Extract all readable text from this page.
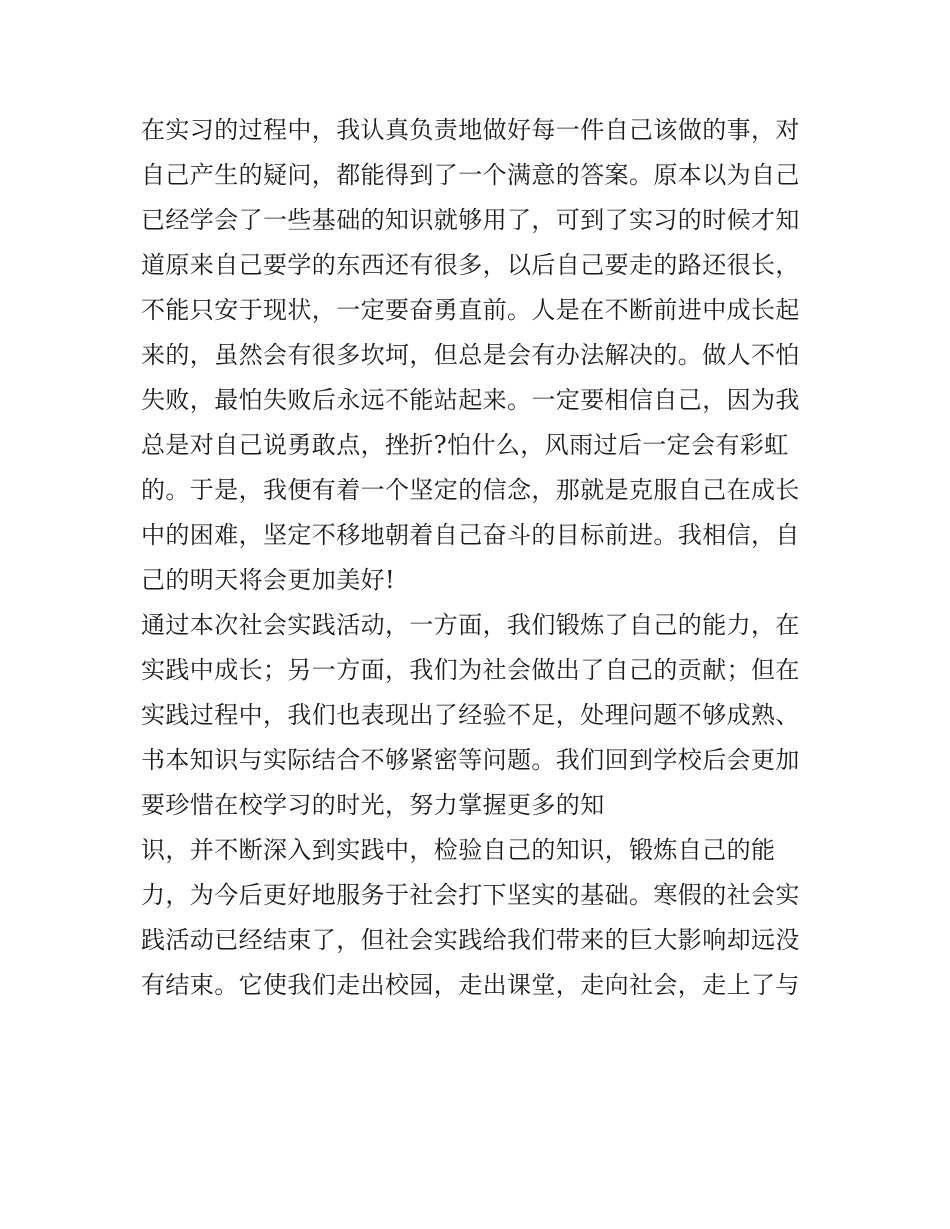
在实习的过程中，我认真负责地做好每一件自己该做的事，对
自己产生的疑问，都能得到了一个满意的答案。原本以为自己
已经学会了一些基础的知识就够用了，可到了实习的时候才知
道原来自己要学的东西还有很多，以后自己要走的路还很长，
不能只安于现状，一定要奋勇直前。人是在不断前进中成长起
来的，虽然会有很多坎坷，但总是会有办法解决的。做人不怕
失败，最怕失败后永远不能站起来。一定要相信自己，因为我
总是对自己说勇敢点，挫折?怕什么，风雨过后一定会有彩虹
的。于是，我便有着一个坚定的信念，那就是克服自己在成长
中的困难，坚定不移地朝着自己奋斗的目标前进。我相信，自
己的明天将会更加美好!
通过本次社会实践活动，一方面，我们锻炼了自己的能力，在
实践中成长；另一方面，我们为社会做出了自己的贡献；但在
实践过程中，我们也表现出了经验不足，处理问题不够成熟、
书本知识与实际结合不够紧密等问题。我们回到学校后会更加
要珍惜在校学习的时光，努力掌握更多的知
识，并不断深入到实践中，检验自己的知识，锻炼自己的能
力，为今后更好地服务于社会打下坚实的基础。寒假的社会实
践活动已经结束了，但社会实践给我们带来的巨大影响却远没
有结束。它使我们走出校园，走出课堂，走向社会，走上了与
